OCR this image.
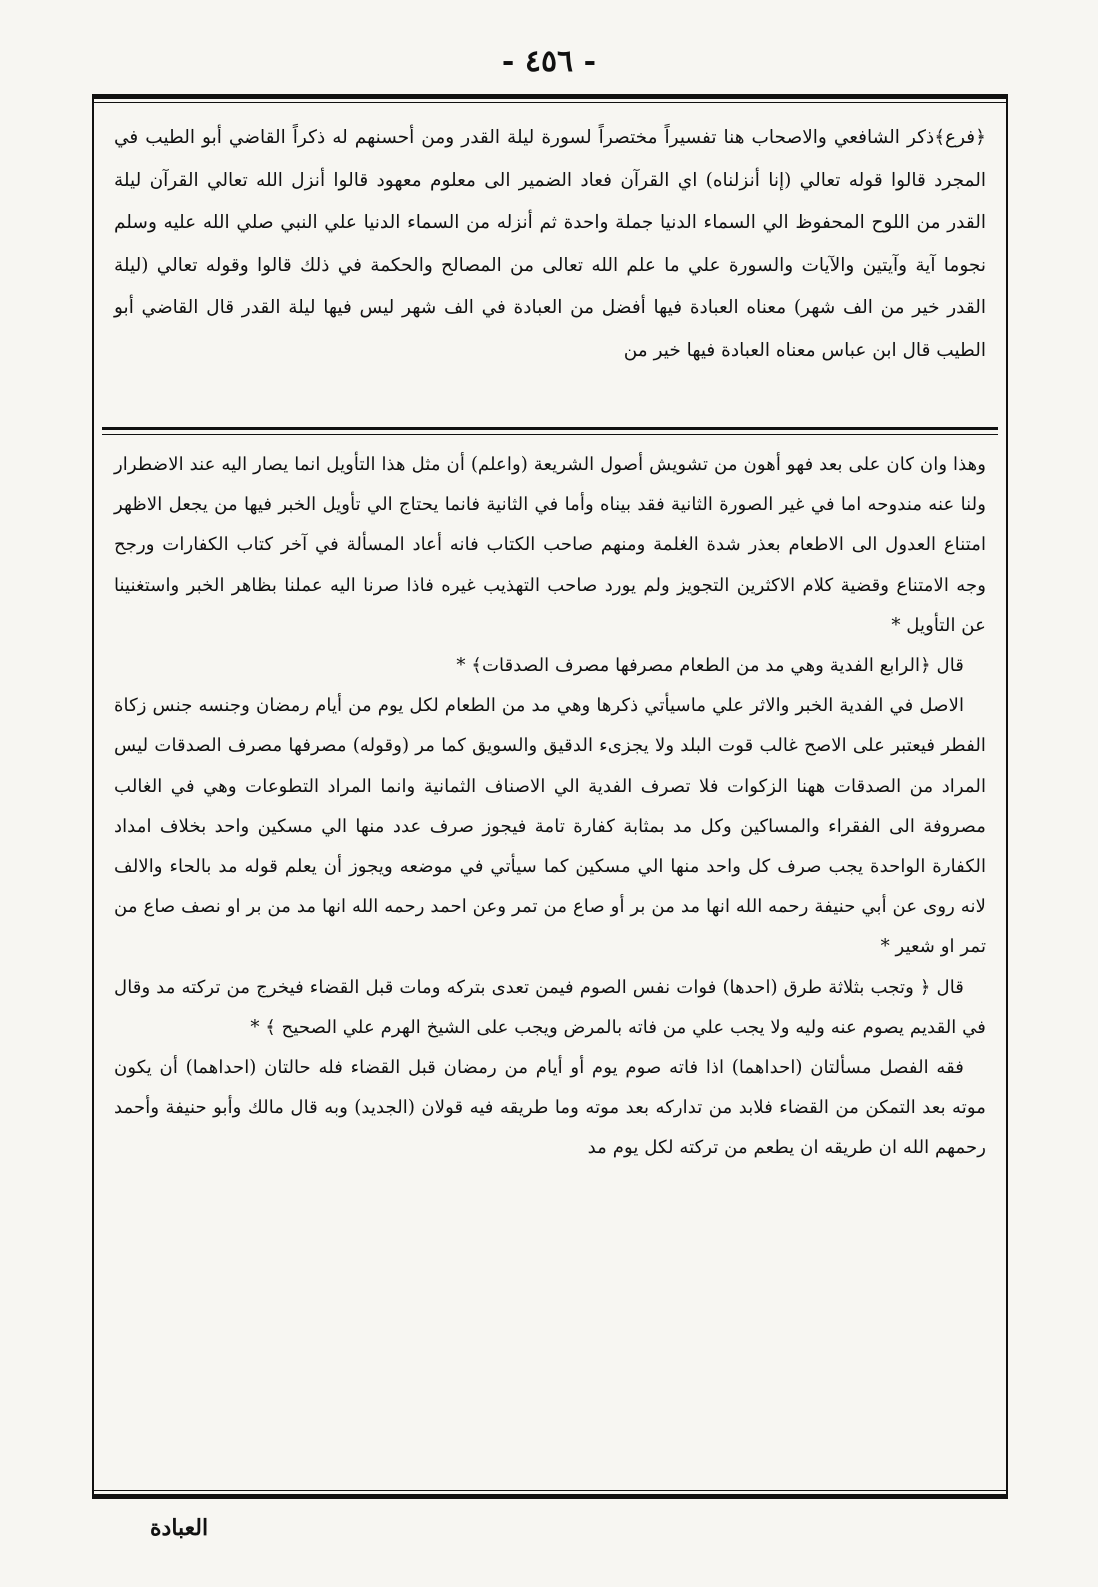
- ٤٥٦ -
﴿فرع﴾ذكر الشافعي والاصحاب هنا تفسيراً مختصراً لسورة ليلة القدر ومن أحسنهم له ذكراً القاضي أبو الطيب في المجرد قالوا قوله تعالي (إنا أنزلناه) اي القرآن فعاد الضمير الى معلوم معهود قالوا أنزل الله تعالي القرآن ليلة القدر من اللوح المحفوظ الي السماء الدنيا جملة واحدة ثم أنزله من السماء الدنيا علي النبي صلي الله عليه وسلم نجوما آية وآيتين والآيات والسورة علي ما علم الله تعالى من المصالح والحكمة في ذلك قالوا وقوله تعالي (ليلة القدر خير من الف شهر) معناه العبادة فيها أفضل من العبادة في الف شهر ليس فيها ليلة القدر قال القاضي أبو الطيب قال ابن عباس معناه العبادة فيها خير من

وهذا وان كان على بعد فهو أهون من تشويش أصول الشريعة (واعلم) أن مثل هذا التأويل انما يصار اليه عند الاضطرار ولنا عنه مندوحه اما في غير الصورة الثانية فقد بيناه وأما في الثانية فانما يحتاج الي تأويل الخبر فيها من يجعل الاظهر امتناع العدول الى الاطعام بعذر شدة الغلمة ومنهم صاحب الكتاب فانه أعاد المسألة في آخر كتاب الكفارات ورجح وجه الامتناع وقضية كلام الاكثرين التجويز ولم يورد صاحب التهذيب غيره فاذا صرنا اليه عملنا بظاهر الخبر واستغنينا عن التأويل *

قال ﴿الرابع الفدية وهي مد من الطعام مصرفها مصرف الصدقات﴾ *

الاصل في الفدية الخبر والاثر علي ماسيأتي ذكرها وهي مد من الطعام لكل يوم من أيام رمضان وجنسه جنس زكاة الفطر فيعتبر على الاصح غالب قوت البلد ولا يجزىء الدقيق والسويق كما مر (وقوله) مصرفها مصرف الصدقات ليس المراد من الصدقات ههنا الزكوات فلا تصرف الفدية الي الاصناف الثمانية وانما المراد التطوعات وهي في الغالب مصروفة الى الفقراء والمساكين وكل مد بمثابة كفارة تامة فيجوز صرف عدد منها الي مسكين واحد بخلاف امداد الكفارة الواحدة يجب صرف كل واحد منها الي مسكين كما سيأتي في موضعه ويجوز أن يعلم قوله مد بالحاء والالف لانه روى عن أبي حنيفة رحمه الله انها مد من بر أو صاع من تمر وعن احمد رحمه الله انها مد من بر او نصف صاع من تمر او شعير *

قال ﴿ وتجب بثلاثة طرق (احدها) فوات نفس الصوم فيمن تعدى بتركه ومات قبل القضاء فيخرج من تركته مد وقال في القديم يصوم عنه وليه ولا يجب علي من فاته بالمرض ويجب على الشيخ الهرم علي الصحيح ﴾ *

فقه الفصل مسألتان (احداهما) اذا فاته صوم يوم أو أيام من رمضان قبل القضاء فله حالتان (احداهما) أن يكون موته بعد التمكن من القضاء فلابد من تداركه بعد موته وما طريقه فيه قولان (الجديد) وبه قال مالك وأبو حنيفة وأحمد رحمهم الله ان طريقه ان يطعم من تركته لكل يوم مد

العبادة
